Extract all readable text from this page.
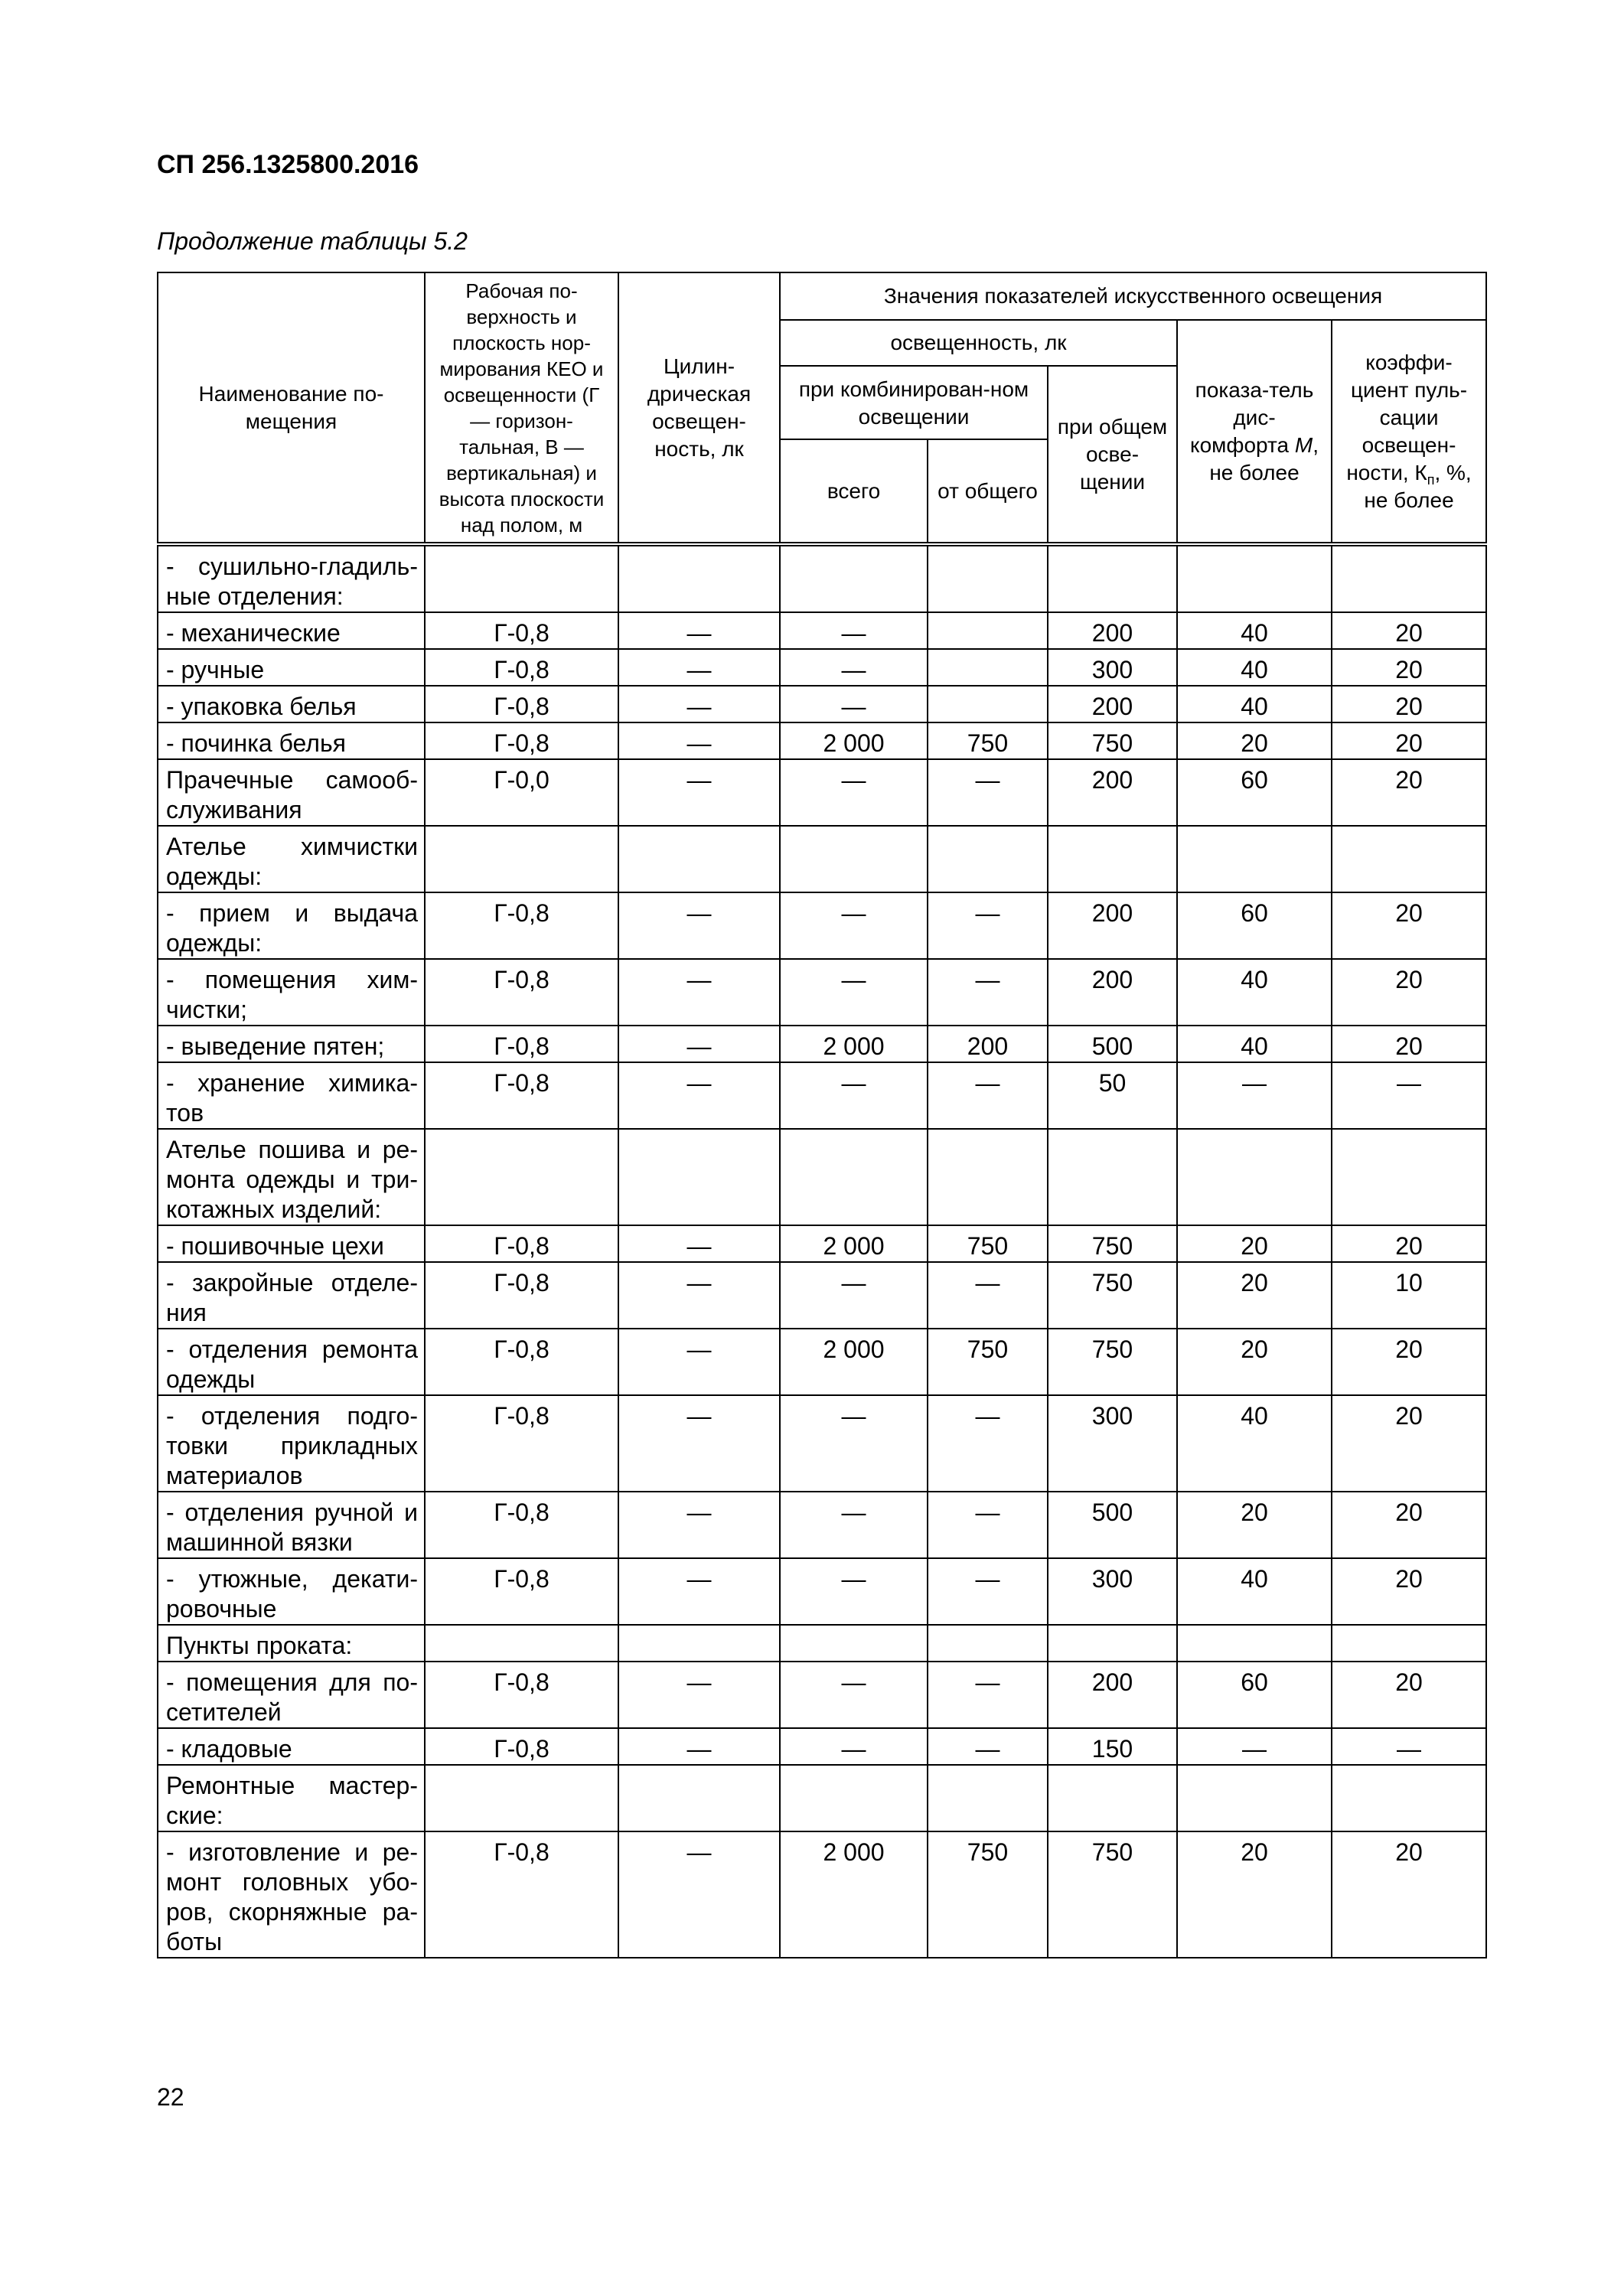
СП 256.1325800.2016
Продолжение таблицы 5.2
Наименование по-мещения	Рабочая по-верхность и плоскость нор-мирования КЕО и освещенности (Г — горизон-тальная, В — вертикальная) и высота плоскости над полом, м	Цилин-дрическая освещен-ность, лк	Значения показателей искусственного освещения				
			освещенность, лк			показа-тель дис-комфорта M, не более	коэффи-циент пуль-сации освещен-ности, $К_п$, %, не более
			при комбинирован-ном освещении		при общем осве-щении		
			всего	от общего			
- сушильно-гладиль-ные отделения:							
- механические	Г-0,8	—	—		200	40	20
- ручные	Г-0,8	—	—		300	40	20
- упаковка белья	Г-0,8	—	—		200	40	20
- починка белья	Г-0,8	—	2 000	750	750	20	20
Прачечные самооб-служивания	Г-0,0	—	—	—	200	60	20
Ателье химчистки одежды:							
- прием и выдача одежды:	Г-0,8	—	—	—	200	60	20
- помещения хим-чистки;	Г-0,8	—	—	—	200	40	20
- выведение пятен;	Г-0,8	—	2 000	200	500	40	20
- хранение химика-тов	Г-0,8	—	—	—	50	—	—
Ателье пошива и ре-монта одежды и три-котажных изделий:							
- пошивочные цехи	Г-0,8	—	2 000	750	750	20	20
- закройные отделе-ния	Г-0,8	—	—	—	750	20	10
- отделения ремонта одежды	Г-0,8	—	2 000	750	750	20	20
- отделения подго-товки прикладных материалов	Г-0,8	—	—	—	300	40	20
- отделения ручной и машинной вязки	Г-0,8	—	—	—	500	20	20
- утюжные, декати-ровочные	Г-0,8	—	—	—	300	40	20
Пункты проката:							
- помещения для по-сетителей	Г-0,8	—	—	—	200	60	20
- кладовые	Г-0,8	—	—	—	150	—	—
Ремонтные мастер-ские:							
- изготовление и ре-монт головных убо-ров, скорняжные ра-боты	Г-0,8	—	2 000	750	750	20	20
22
